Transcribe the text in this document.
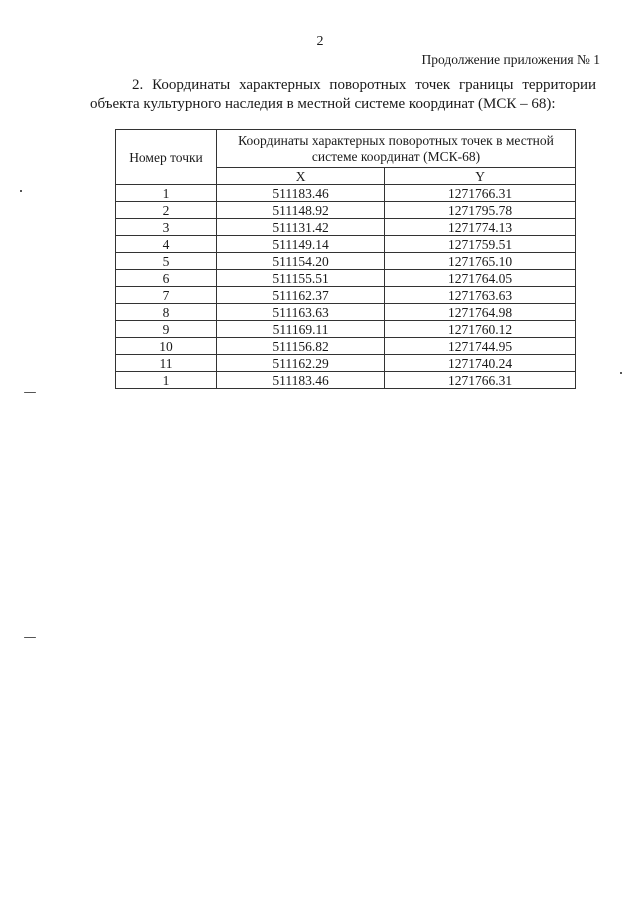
2
Продолжение приложения № 1
2. Координаты характерных поворотных точек границы территории
объекта культурного наследия в местной системе координат (МСК – 68):
Номер точки	Координаты характерных поворотных точек в местной системе координат (МСК-68)	
	X	Y
1	511183.46	1271766.31
2	511148.92	1271795.78
3	511131.42	1271774.13
4	511149.14	1271759.51
5	511154.20	1271765.10
6	511155.51	1271764.05
7	511162.37	1271763.63
8	511163.63	1271764.98
9	511169.11	1271760.12
10	511156.82	1271744.95
11	511162.29	1271740.24
1	511183.46	1271766.31
